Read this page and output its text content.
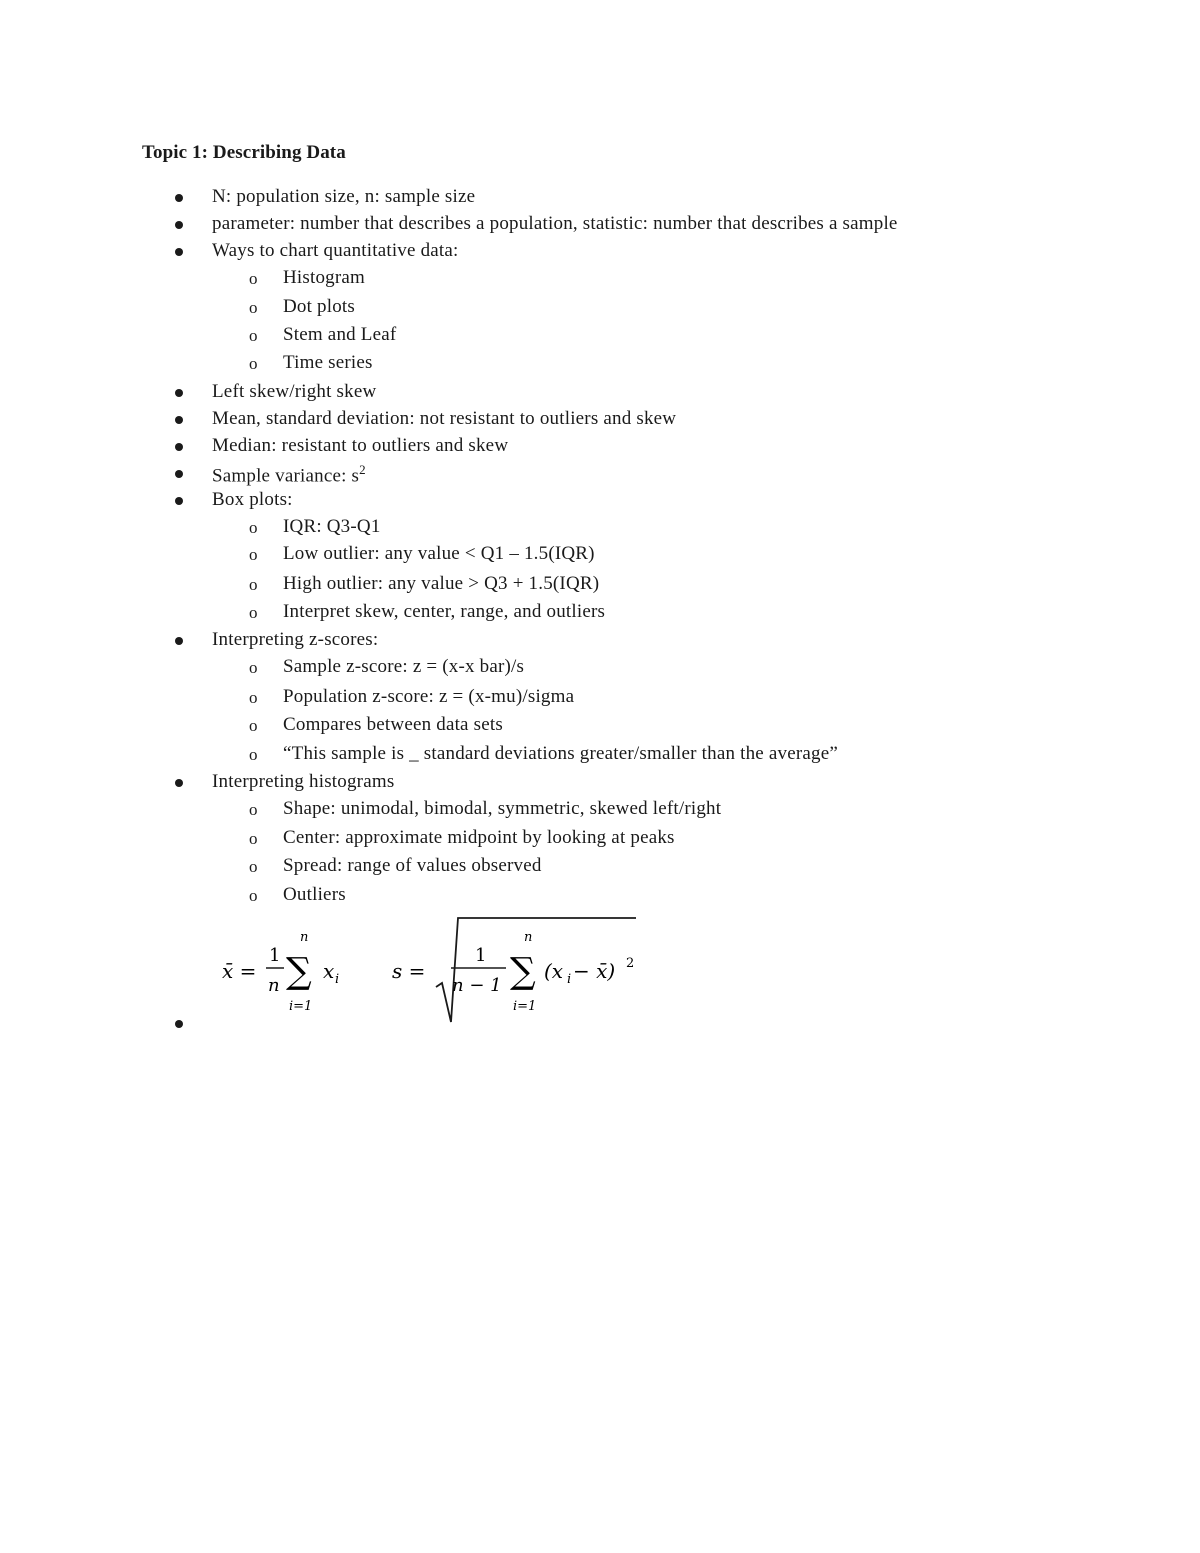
Topic 1: Describing Data
N: population size, n: sample size
parameter: number that describes a population, statistic: number that describes a sample
Ways to chart quantitative data:
o Histogram
o Dot plots
o Stem and Leaf
o Time series
Left skew/right skew
Mean, standard deviation: not resistant to outliers and skew
Median: resistant to outliers and skew
Sample variance: $s^2$
Box plots:
o IQR: Q3-Q1
o Low outlier: any value < Q1 – 1.5(IQR)
o High outlier: any value > Q3 + 1.5(IQR)
o Interpret skew, center, range, and outliers
Interpreting z-scores:
o Sample z-score: z = (x-x bar)/s
o Population z-score: z = (x-mu)/sigma
o Compares between data sets
o “This sample is _ standard deviations greater/smaller than the average”
Interpreting histograms
o Shape: unimodal, bimodal, symmetric, skewed left/right
o Center: approximate midpoint by looking at peaks
o Spread: range of values observed
o Outliers
x̄ =
1
n
n
∑
i=1
x i	s =
1
n − 1
n
∑
i=1
(x i − x̄) 2
